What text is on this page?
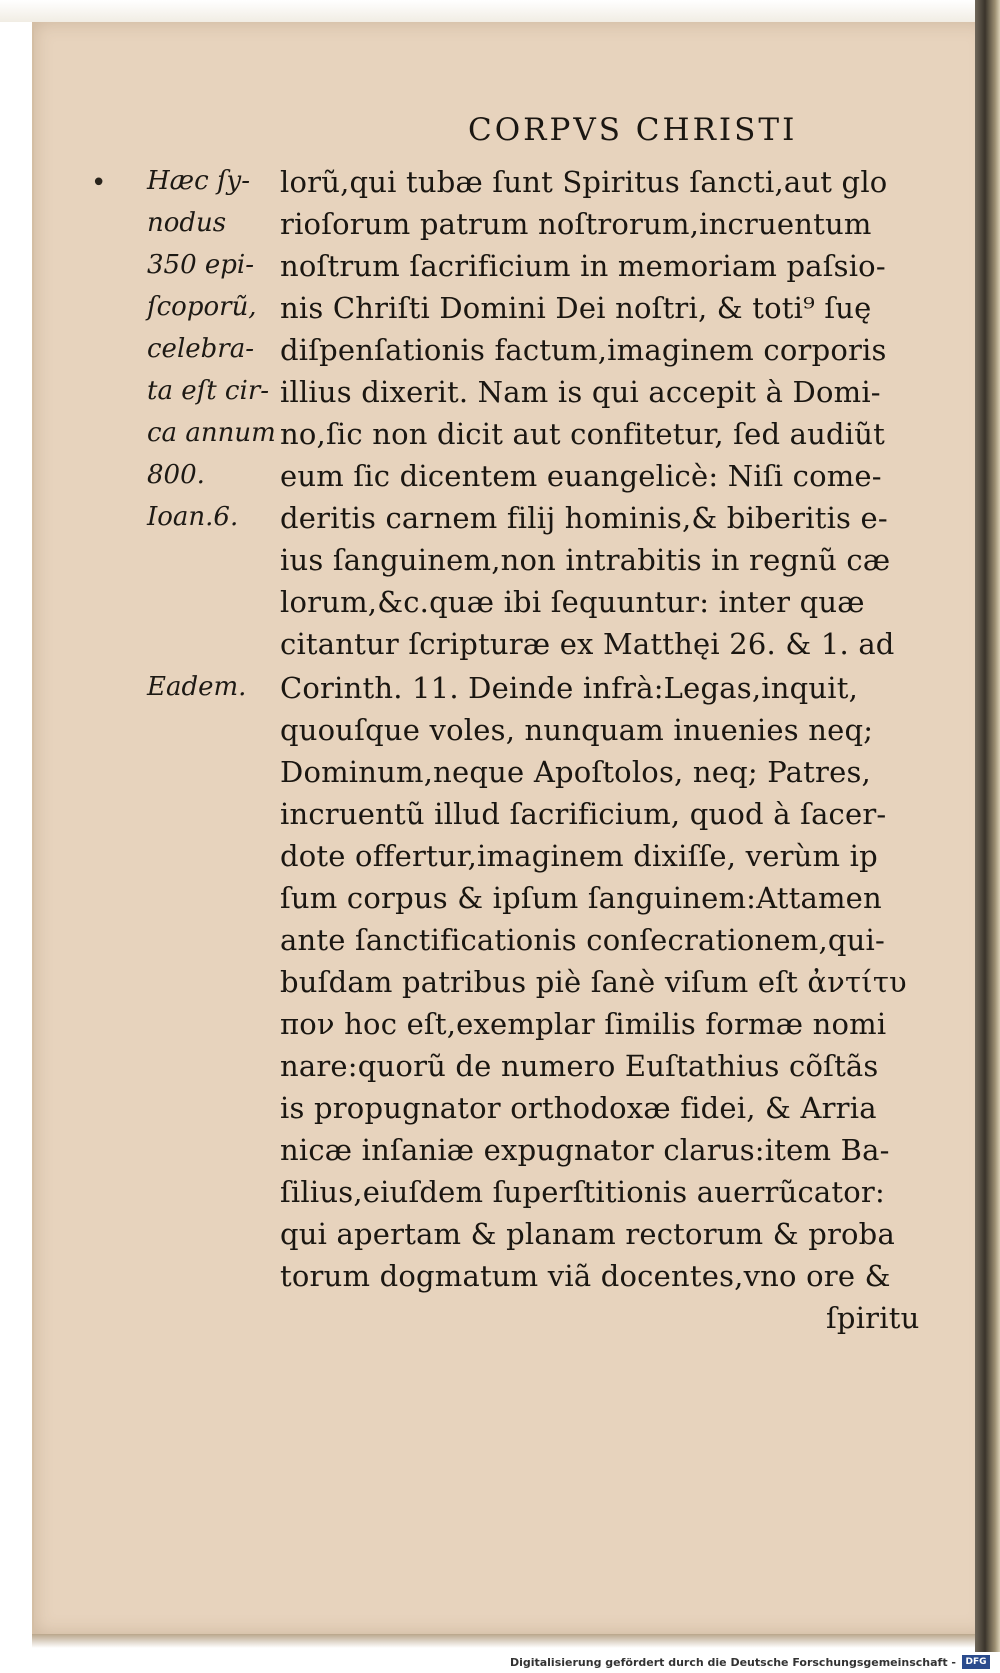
CORPVS CHRISTI
• Hæc ſy-
nodus
350 epi-
ſcoporũ,
celebra-
ta eſt cir-
ca annum
800.
Ioan.6.
Eadem.
lorũ,qui tubæ ſunt Spiritus ſancti,aut glo
rioſorum patrum noſtrorum,incruentum
noſtrum ſacrificium in memoriam paſsio-
nis Chriſti Domini Dei noſtri, & toti⁹ ſuę
diſpenſationis factum,imaginem corporis
illius dixerit. Nam is qui accepit à Domi-
no,ſic non dicit aut confitetur, ſed audiũt
eum ſic dicentem euangelicè: Niſi come-
deritis carnem filij hominis,& biberitis e-
ius ſanguinem,non intrabitis in regnũ cæ
lorum,&c.quæ ibi ſequuntur: inter quæ
citantur ſcripturæ ex Matthęi 26. & 1. ad
Corinth. 11. Deinde infrà:Legas,inquit,
quouſque voles, nunquam inuenies neq;
Dominum,neque Apoſtolos, neq; Patres,
incruentũ illud ſacrificium, quod à ſacer-
dote offertur,imaginem dixiſſe, verùm ip
ſum corpus & ipſum ſanguinem:Attamen
ante ſanctificationis conſecrationem,qui-
buſdam patribus piè ſanè viſum eſt ἀντίτυ
πον hoc eſt,exemplar ſimilis formæ nomi
nare:quorũ de numero Euſtathius cõſtãs
is propugnator orthodoxæ fidei, & Arria
nicæ inſaniæ expugnator clarus:item Ba-
ſilius,eiuſdem ſuperſtitionis auerrũcator:
qui apertam & planam rectorum & proba
torum dogmatum viã docentes,vno ore &
ſpiritu
Digitalisierung gefördert durch die Deutsche Forschungsgemeinschaft -	DFG
